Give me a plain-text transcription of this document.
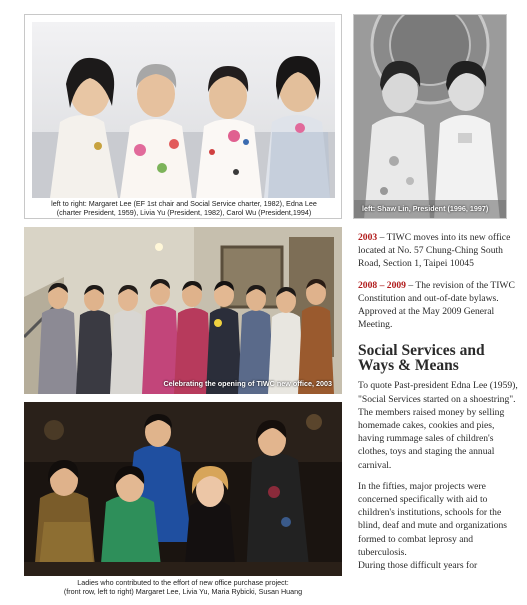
left to right: Margaret Lee (EF 1st chair and Social Service charter, 1982), Edna Lee
(charter President, 1959), Livia Yu (President, 1982), Carol Wu (President,1994)	left: Shaw Lin, President (1996, 1997)
Celebrating the opening of TIWC new office, 2003
Ladies who contributed to the effort of new office purchase project:
(front row, left to right) Margaret Lee, Livia Yu, Maria Rybicki, Susan Huang

2003 – TIWC moves into its new office located at No. 57 Chung-Ching South Road, Section 1, Taipei 10045

2008 – 2009 – The revision of the TIWC Constitution and out-of-date bylaws. Approved at the May 2009 General Meeting.

Social Services and
Ways & Means

To quote Past-president Edna Lee (1959), "Social Services started on a shoestring". The members raised money by selling homemade cakes, cookies and pies, having rummage sales of children's clothes, toys and staging the annual carnival.

In the fifties, major projects were concerned specifically with aid to children's institutions, schools for the blind, deaf and mute and organizations formed to combat leprosy and tuberculosis.

During those difficult years for
